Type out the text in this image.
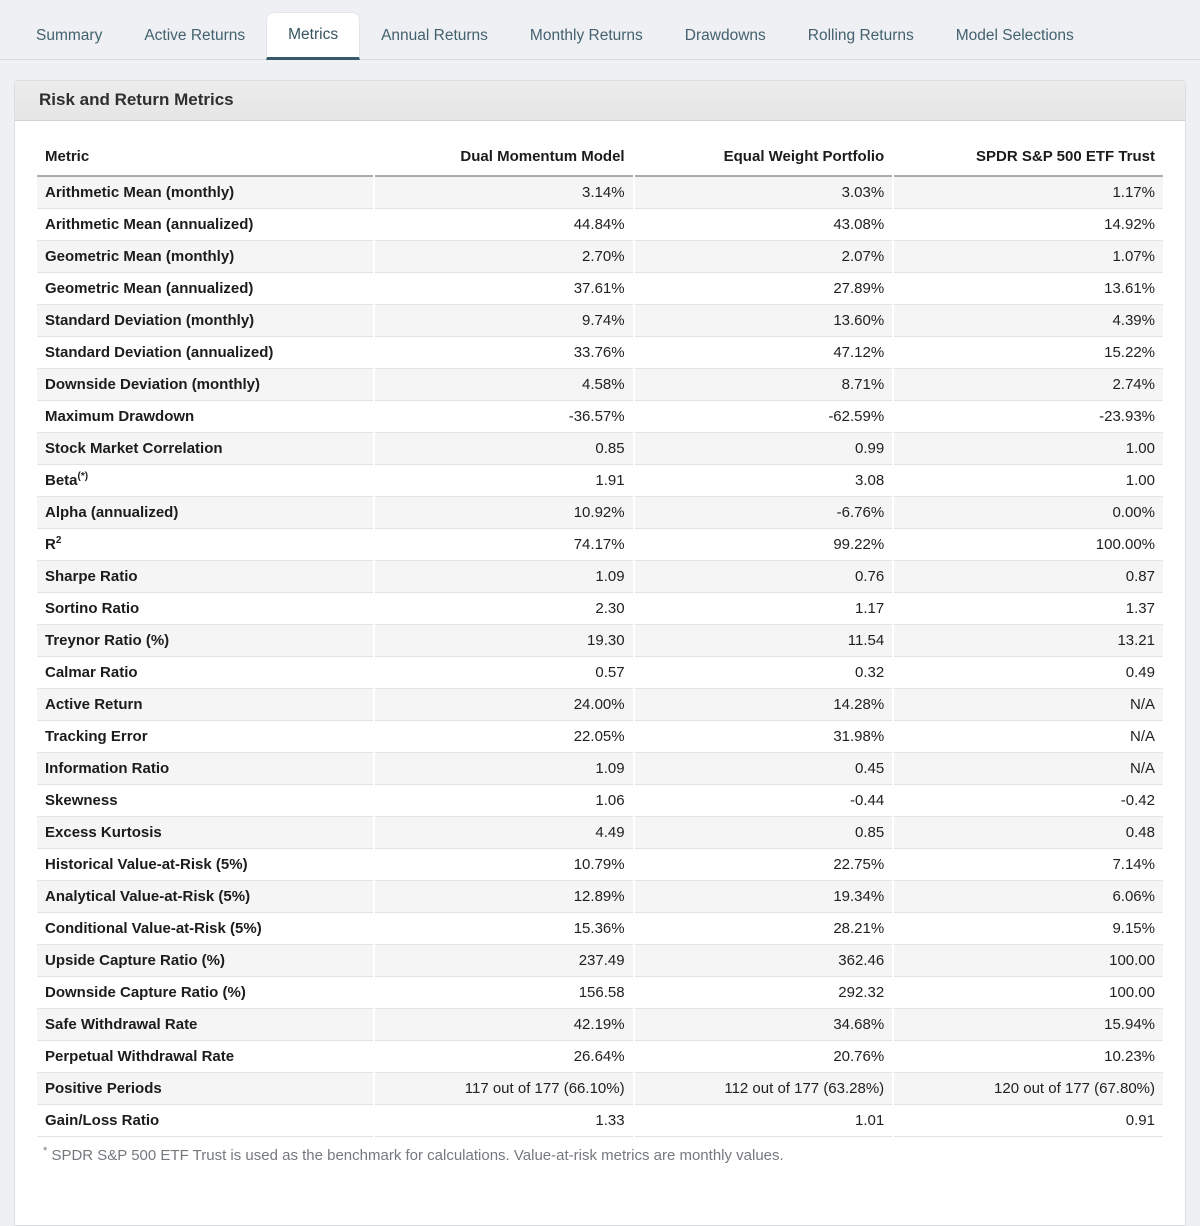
Summary	Active Returns	Metrics	Annual Returns	Monthly Returns	Drawdowns	Rolling Returns	Model Selections
Risk and Return Metrics
Metric	Dual Momentum Model	Equal Weight Portfolio	SPDR S&P 500 ETF Trust
Arithmetic Mean (monthly)	3.14%	3.03%	1.17%
Arithmetic Mean (annualized)	44.84%	43.08%	14.92%
Geometric Mean (monthly)	2.70%	2.07%	1.07%
Geometric Mean (annualized)	37.61%	27.89%	13.61%
Standard Deviation (monthly)	9.74%	13.60%	4.39%
Standard Deviation (annualized)	33.76%	47.12%	15.22%
Downside Deviation (monthly)	4.58%	8.71%	2.74%
Maximum Drawdown	-36.57%	-62.59%	-23.93%
Stock Market Correlation	0.85	0.99	1.00
Beta(*)	1.91	3.08	1.00
Alpha (annualized)	10.92%	-6.76%	0.00%
$R^2$	74.17%	99.22%	100.00%
Sharpe Ratio	1.09	0.76	0.87
Sortino Ratio	2.30	1.17	1.37
Treynor Ratio (%)	19.30	11.54	13.21
Calmar Ratio	0.57	0.32	0.49
Active Return	24.00%	14.28%	N/A
Tracking Error	22.05%	31.98%	N/A
Information Ratio	1.09	0.45	N/A
Skewness	1.06	-0.44	-0.42
Excess Kurtosis	4.49	0.85	0.48
Historical Value-at-Risk (5%)	10.79%	22.75%	7.14%
Analytical Value-at-Risk (5%)	12.89%	19.34%	6.06%
Conditional Value-at-Risk (5%)	15.36%	28.21%	9.15%
Upside Capture Ratio (%)	237.49	362.46	100.00
Downside Capture Ratio (%)	156.58	292.32	100.00
Safe Withdrawal Rate	42.19%	34.68%	15.94%
Perpetual Withdrawal Rate	26.64%	20.76%	10.23%
Positive Periods	117 out of 177 (66.10%)	112 out of 177 (63.28%)	120 out of 177 (67.80%)
Gain/Loss Ratio	1.33	1.01	0.91
* SPDR S&P 500 ETF Trust is used as the benchmark for calculations. Value-at-risk metrics are monthly values.
